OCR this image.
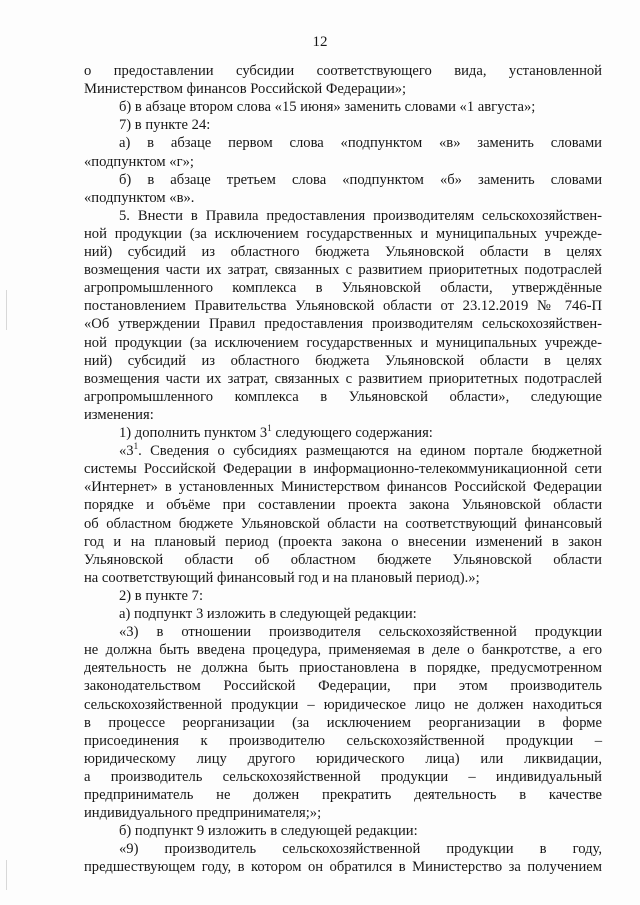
12
о предоставлении субсидии соответствующего вида, установленной
Министерством финансов Российской Федерации»;
б) в абзаце втором слова «15 июня» заменить словами «1 августа»;
7) в пункте 24:
а) в абзаце первом слова «подпунктом «в» заменить словами
«подпунктом «г»;
б) в абзаце третьем слова «подпунктом «б» заменить словами
«подпунктом «в».
5. Внести в Правила предоставления производителям сельскохозяйствен-
ной продукции (за исключением государственных и муниципальных учрежде-
ний) субсидий из областного бюджета Ульяновской области в целях
возмещения части их затрат, связанных с развитием приоритетных подотраслей
агропромышленного комплекса в Ульяновской области, утверждённые
постановлением Правительства Ульяновской области от 23.12.2019 № 746-П
«Об утверждении Правил предоставления производителям сельскохозяйствен-
ной продукции (за исключением государственных и муниципальных учрежде-
ний) субсидий из областного бюджета Ульяновской области в целях
возмещения части их затрат, связанных с развитием приоритетных подотраслей
агропромышленного комплекса в Ульяновской области», следующие
изменения:
1) дополнить пунктом $3^1$ следующего содержания:
«$3^1$. Сведения о субсидиях размещаются на едином портале бюджетной
системы Российской Федерации в информационно-телекоммуникационной сети
«Интернет» в установленных Министерством финансов Российской Федерации
порядке и объёме при составлении проекта закона Ульяновской области
об областном бюджете Ульяновской области на соответствующий финансовый
год и на плановый период (проекта закона о внесении изменений в закон
Ульяновской области об областном бюджете Ульяновской области
на соответствующий финансовый год и на плановый период).»;
2) в пункте 7:
а) подпункт 3 изложить в следующей редакции:
«3) в отношении производителя сельскохозяйственной продукции
не должна быть введена процедура, применяемая в деле о банкротстве, а его
деятельность не должна быть приостановлена в порядке, предусмотренном
законодательством Российской Федерации, при этом производитель
сельскохозяйственной продукции – юридическое лицо не должен находиться
в процессе реорганизации (за исключением реорганизации в форме
присоединения к производителю сельскохозяйственной продукции –
юридическому лицу другого юридического лица) или ликвидации,
а производитель сельскохозяйственной продукции – индивидуальный
предприниматель не должен прекратить деятельность в качестве
индивидуального предпринимателя;»;
б) подпункт 9 изложить в следующей редакции:
«9) производитель сельскохозяйственной продукции в году,
предшествующем году, в котором он обратился в Министерство за получением
